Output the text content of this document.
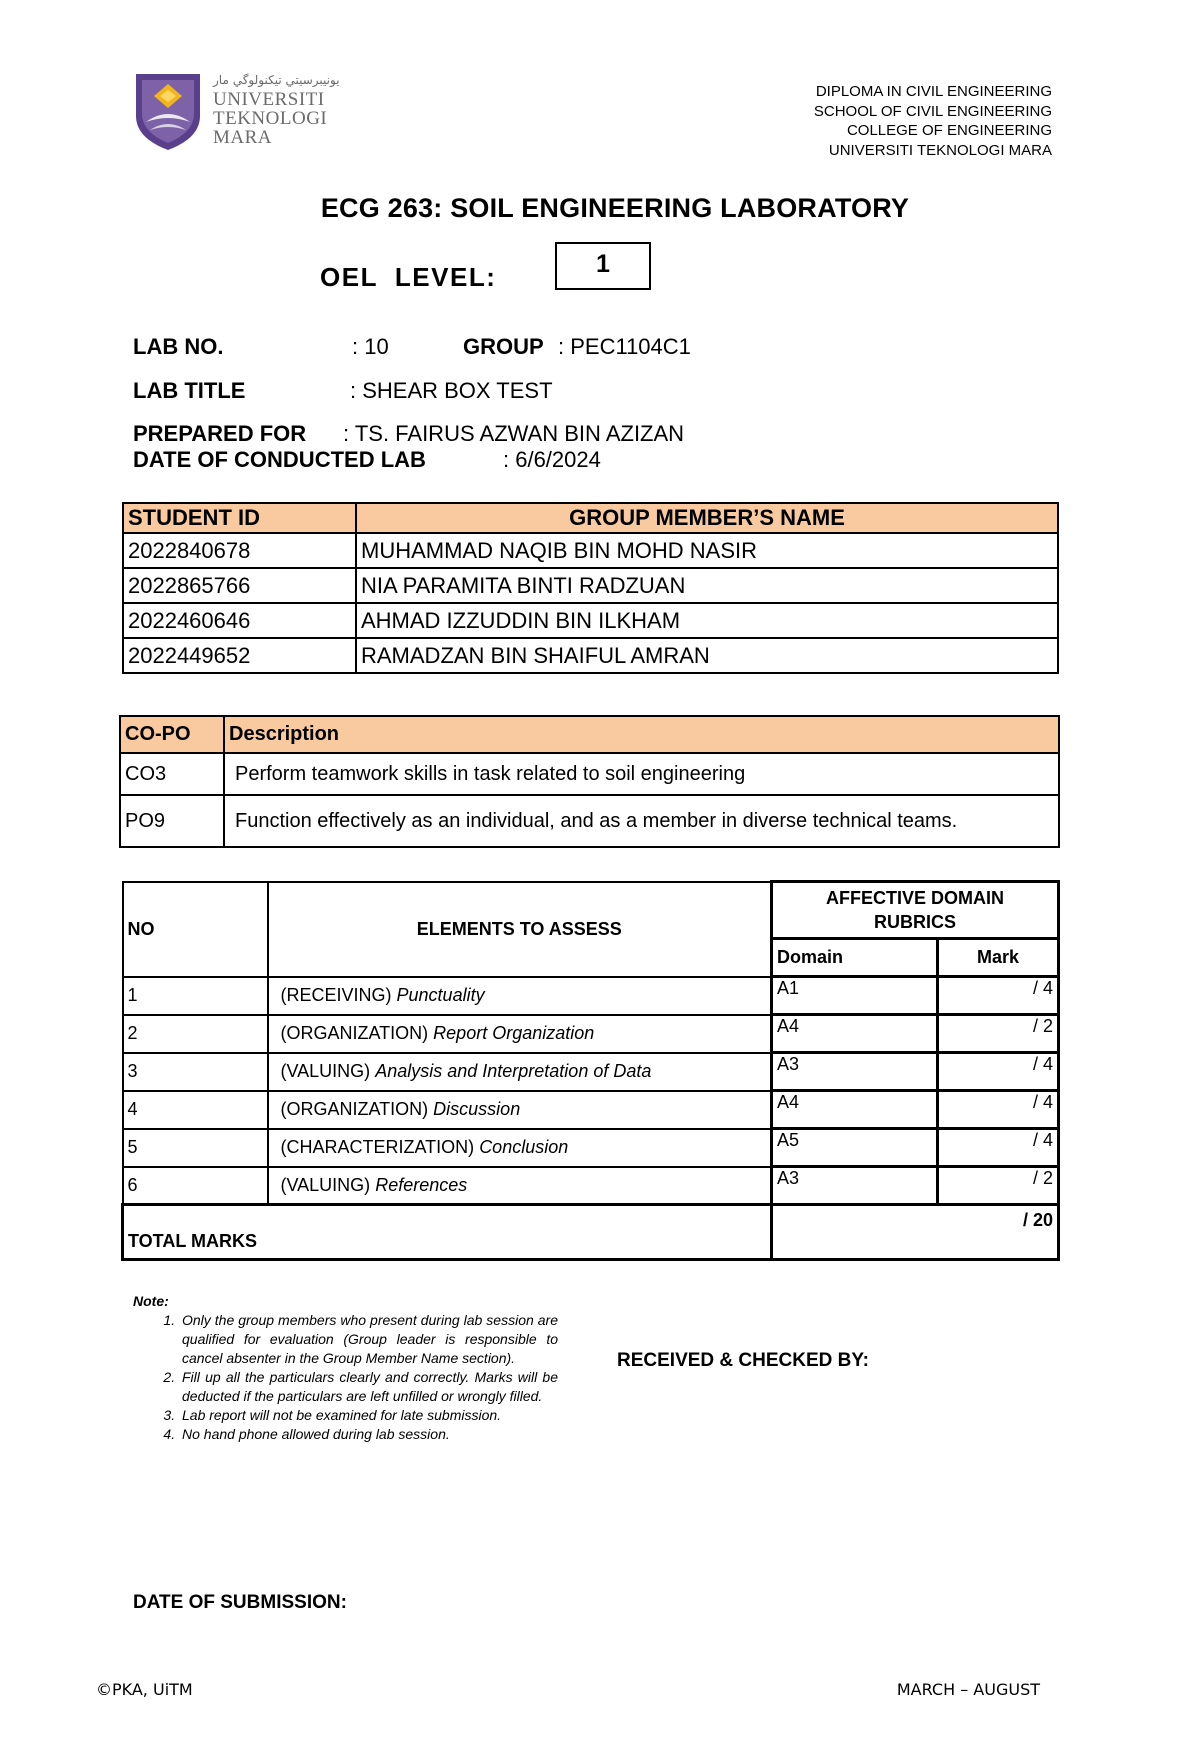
ﯾﻮﻧﯿﺒﺮﺳﯿﺘﻲ ﺗﯿﻜﻨﻮﻟﻮﮔﻲ مار
UNIVERSITI
TEKNOLOGI
MARA
DIPLOMA IN CIVIL ENGINEERING
SCHOOL OF CIVIL ENGINEERING
COLLEGE OF ENGINEERING
UNIVERSITI TEKNOLOGI MARA
ECG 263: SOIL ENGINEERING LABORATORY
OEL  LEVEL:	1
LAB NO.	: 10	GROUP : PEC1104C1
LAB TITLE	: SHEAR BOX TEST
PREPARED FOR : TS. FAIRUS AZWAN BIN AZIZAN
DATE OF CONDUCTED LAB	: 6/6/2024
STUDENT ID	GROUP MEMBER’S NAME
2022840678	MUHAMMAD NAQIB BIN MOHD NASIR
2022865766	NIA PARAMITA BINTI RADZUAN
2022460646	AHMAD IZZUDDIN BIN ILKHAM
2022449652	RAMADZAN BIN SHAIFUL AMRAN
CO-PO	Description
CO3	Perform teamwork skills in task related to soil engineering
PO9	Function effectively as an individual, and as a member in diverse technical teams.
NO	ELEMENTS TO ASSESS	AFFECTIVE DOMAIN RUBRICS	
		Domain	Mark
1	(RECEIVING) Punctuality	A1	/ 4
2	(ORGANIZATION) Report Organization	A4	/ 2
3	(VALUING) Analysis and Interpretation of Data	A3	/ 4
4	(ORGANIZATION) Discussion	A4	/ 4
5	(CHARACTERIZATION) Conclusion	A5	/ 4
6	(VALUING) References	A3	/ 2
TOTAL MARKS		/ 20	
Note:
1. Only the group members who present during lab session are qualified for evaluation (Group leader is responsible to cancel absenter in the Group Member Name section).
2. Fill up all the particulars clearly and correctly. Marks will be deducted if the particulars are left unfilled or wrongly filled.
3. Lab report will not be examined for late submission.
4. No hand phone allowed during lab session.
RECEIVED & CHECKED BY:
DATE OF SUBMISSION:
©PKA, UiTM	MARCH – AUGUST
